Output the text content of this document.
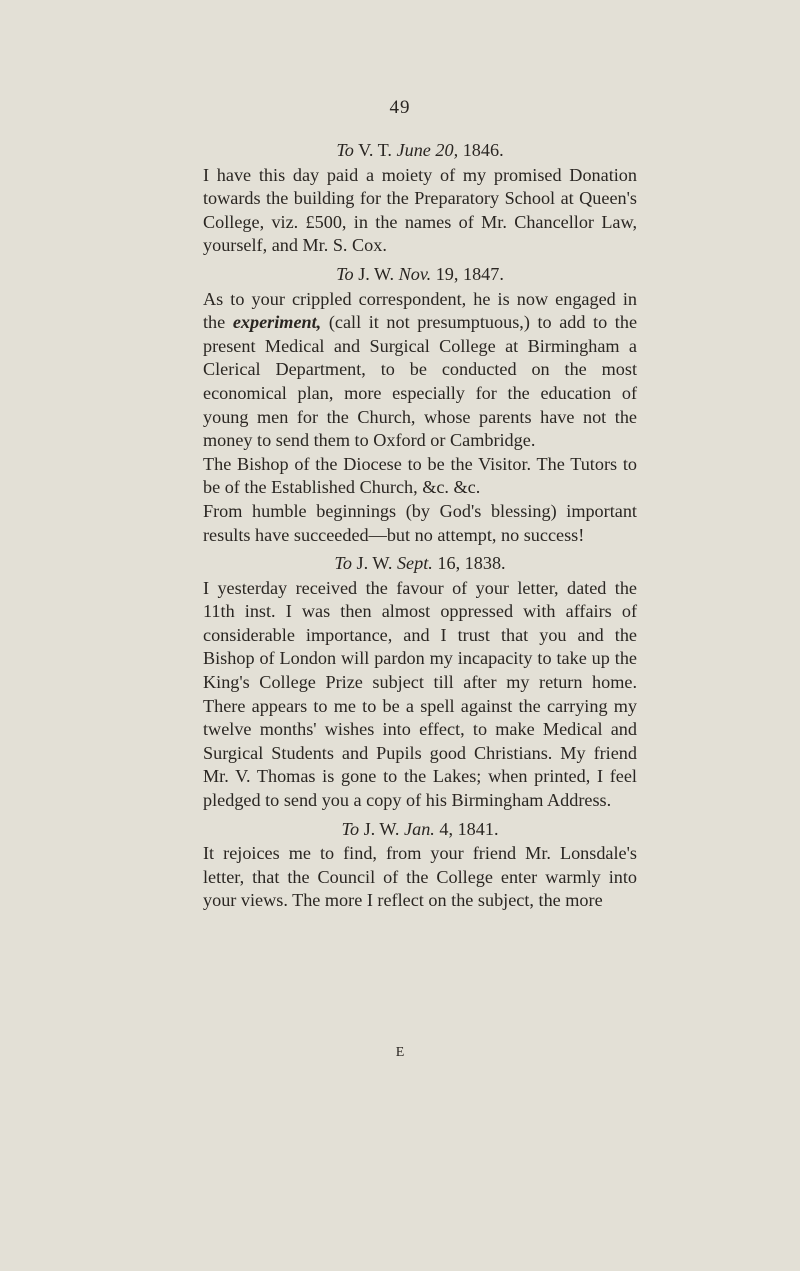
49
To V. T. June 20, 1846.

I have this day paid a moiety of my promised Donation towards the building for the Preparatory School at Queen's College, viz. £500, in the names of Mr. Chancellor Law, yourself, and Mr. S. Cox.

To J. W. Nov. 19, 1847.

As to your crippled correspondent, he is now engaged in the experiment, (call it not presumptuous,) to add to the present Medical and Surgical College at Birmingham a Clerical Department, to be conducted on the most economical plan, more especially for the education of young men for the Church, whose parents have not the money to send them to Oxford or Cambridge.

The Bishop of the Diocese to be the Visitor. The Tutors to be of the Established Church, &c. &c.

From humble beginnings (by God's blessing) important results have succeeded—but no attempt, no success!

To J. W. Sept. 16, 1838.

I yesterday received the favour of your letter, dated the 11th inst. I was then almost oppressed with affairs of considerable importance, and I trust that you and the Bishop of London will pardon my incapacity to take up the King's College Prize subject till after my return home. There appears to me to be a spell against the carrying my twelve months' wishes into effect, to make Medical and Surgical Students and Pupils good Christians. My friend Mr. V. Thomas is gone to the Lakes; when printed, I feel pledged to send you a copy of his Birmingham Address.

To J. W. Jan. 4, 1841.

It rejoices me to find, from your friend Mr. Lonsdale's letter, that the Council of the College enter warmly into your views. The more I reflect on the subject, the more

E
